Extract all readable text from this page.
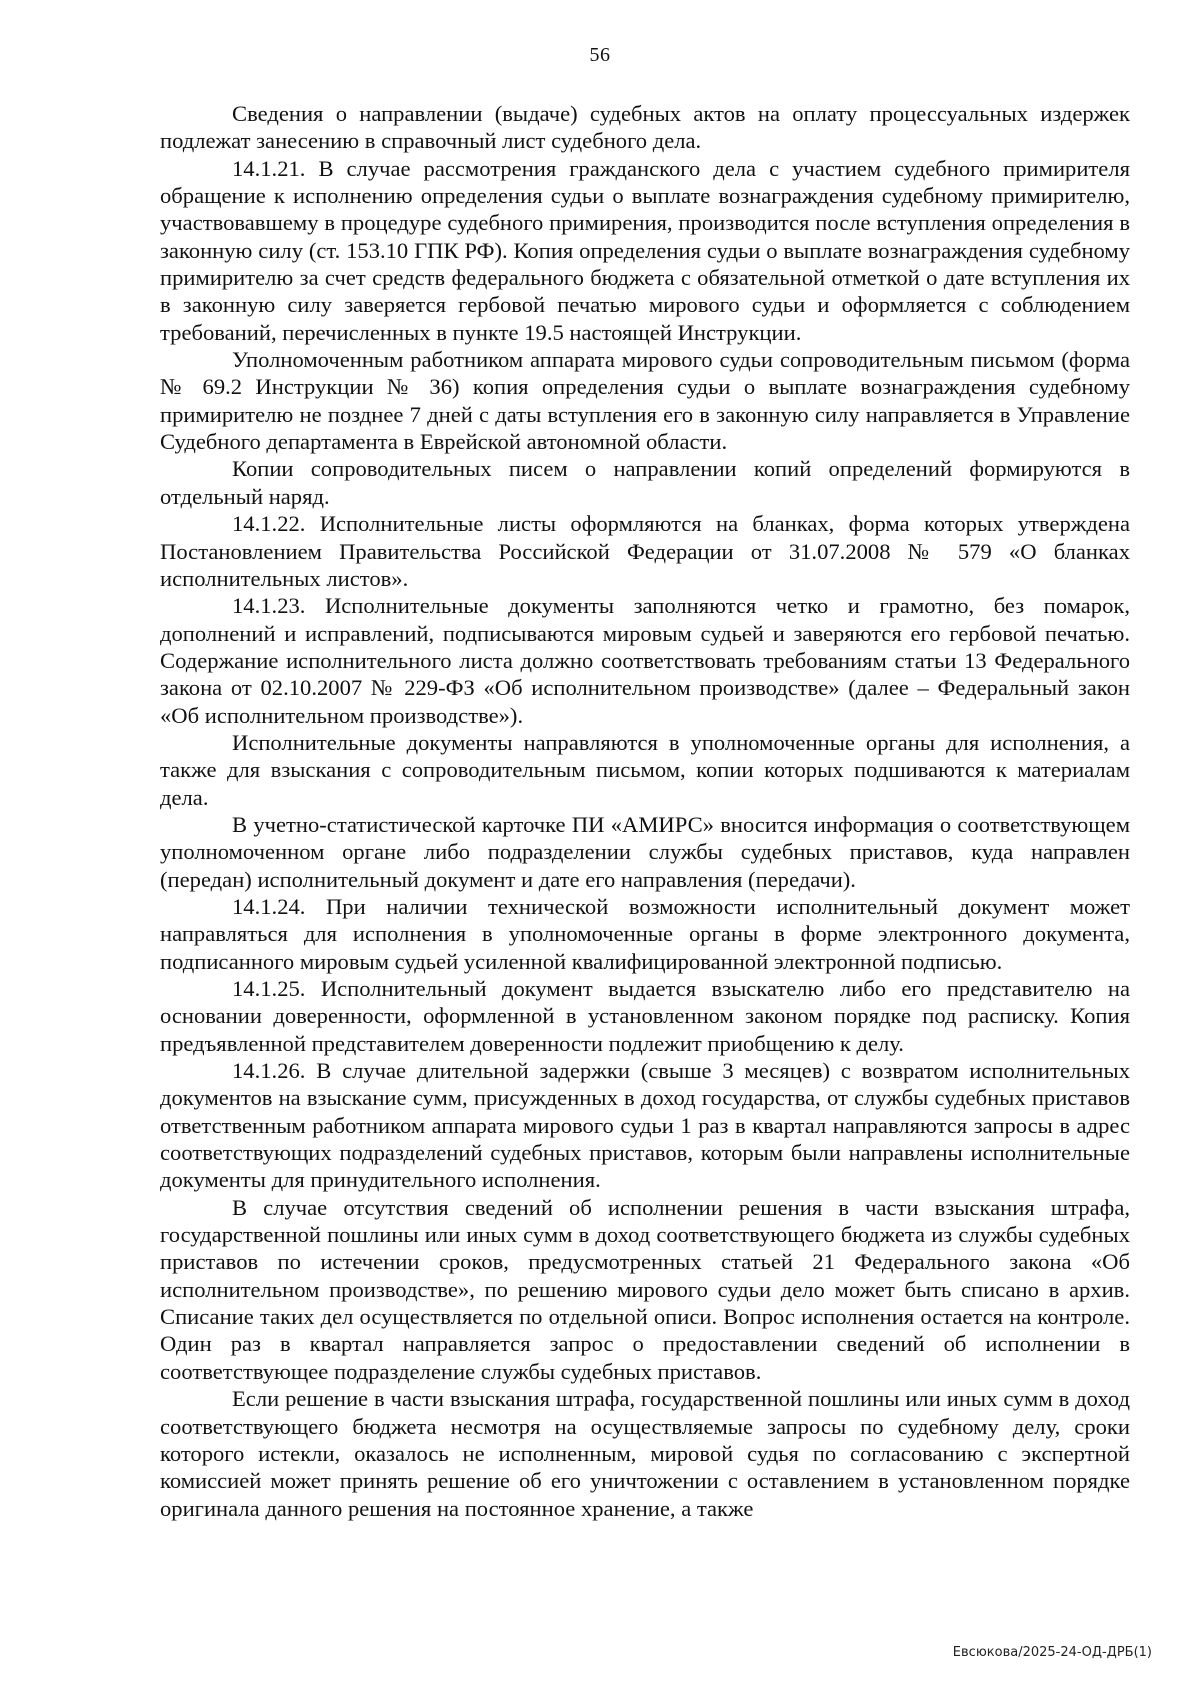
56

Сведения о направлении (выдаче) судебных актов на оплату процессуальных издержек подлежат занесению в справочный лист судебного дела.

14.1.21. В случае рассмотрения гражданского дела с участием судебного примирителя обращение к исполнению определения судьи о выплате вознаграждения судебному примирителю, участвовавшему в процедуре судебного примирения, производится после вступления определения в законную силу (ст. 153.10 ГПК РФ). Копия определения судьи о выплате вознаграждения судебному примирителю за счет средств федерального бюджета с обязательной отметкой о дате вступления их в законную силу заверяется гербовой печатью мирового судьи и оформляется с соблюдением требований, перечисленных в пункте 19.5 настоящей Инструкции.

Уполномоченным работником аппарата мирового судьи сопроводительным письмом (форма № 69.2 Инструкции № 36) копия определения судьи о выплате вознаграждения судебному примирителю не позднее 7 дней с даты вступления его в законную силу направляется в Управление Судебного департамента в Еврейской автономной области.

Копии сопроводительных писем о направлении копий определений формируются в отдельный наряд.

14.1.22. Исполнительные листы оформляются на бланках, форма которых утверждена Постановлением Правительства Российской Федерации от 31.07.2008 № 579 «О бланках исполнительных листов».

14.1.23. Исполнительные документы заполняются четко и грамотно, без помарок, дополнений и исправлений, подписываются мировым судьей и заверяются его гербовой печатью. Содержание исполнительного листа должно соответствовать требованиям статьи 13 Федерального закона от 02.10.2007 № 229-ФЗ «Об исполнительном производстве» (далее – Федеральный закон «Об исполнительном производстве»).

Исполнительные документы направляются в уполномоченные органы для исполнения, а также для взыскания с сопроводительным письмом, копии которых подшиваются к материалам дела.

В учетно-статистической карточке ПИ «АМИРС» вносится информация о соответствующем уполномоченном органе либо подразделении службы судебных приставов, куда направлен (передан) исполнительный документ и дате его направления (передачи).

14.1.24. При наличии технической возможности исполнительный документ может направляться для исполнения в уполномоченные органы в форме электронного документа, подписанного мировым судьей усиленной квалифицированной электронной подписью.

14.1.25. Исполнительный документ выдается взыскателю либо его представителю на основании доверенности, оформленной в установленном законом порядке под расписку. Копия предъявленной представителем доверенности подлежит приобщению к делу.

14.1.26. В случае длительной задержки (свыше 3 месяцев) с возвратом исполнительных документов на взыскание сумм, присужденных в доход государства, от службы судебных приставов ответственным работником аппарата мирового судьи 1 раз в квартал направляются запросы в адрес соответствующих подразделений судебных приставов, которым были направлены исполнительные документы для принудительного исполнения.

В случае отсутствия сведений об исполнении решения в части взыскания штрафа, государственной пошлины или иных сумм в доход соответствующего бюджета из службы судебных приставов по истечении сроков, предусмотренных статьей 21 Федерального закона «Об исполнительном производстве», по решению мирового судьи дело может быть списано в архив. Списание таких дел осуществляется по отдельной описи. Вопрос исполнения остается на контроле. Один раз в квартал направляется запрос о предоставлении сведений об исполнении в соответствующее подразделение службы судебных приставов.

Если решение в части взыскания штрафа, государственной пошлины или иных сумм в доход соответствующего бюджета несмотря на осуществляемые запросы по судебному делу, сроки которого истекли, оказалось не исполненным, мировой судья по согласованию с экспертной комиссией может принять решение об его уничтожении с оставлением в установленном порядке оригинала данного решения на постоянное хранение, а также

Евсюкова/2025-24-ОД-ДРБ(1)
